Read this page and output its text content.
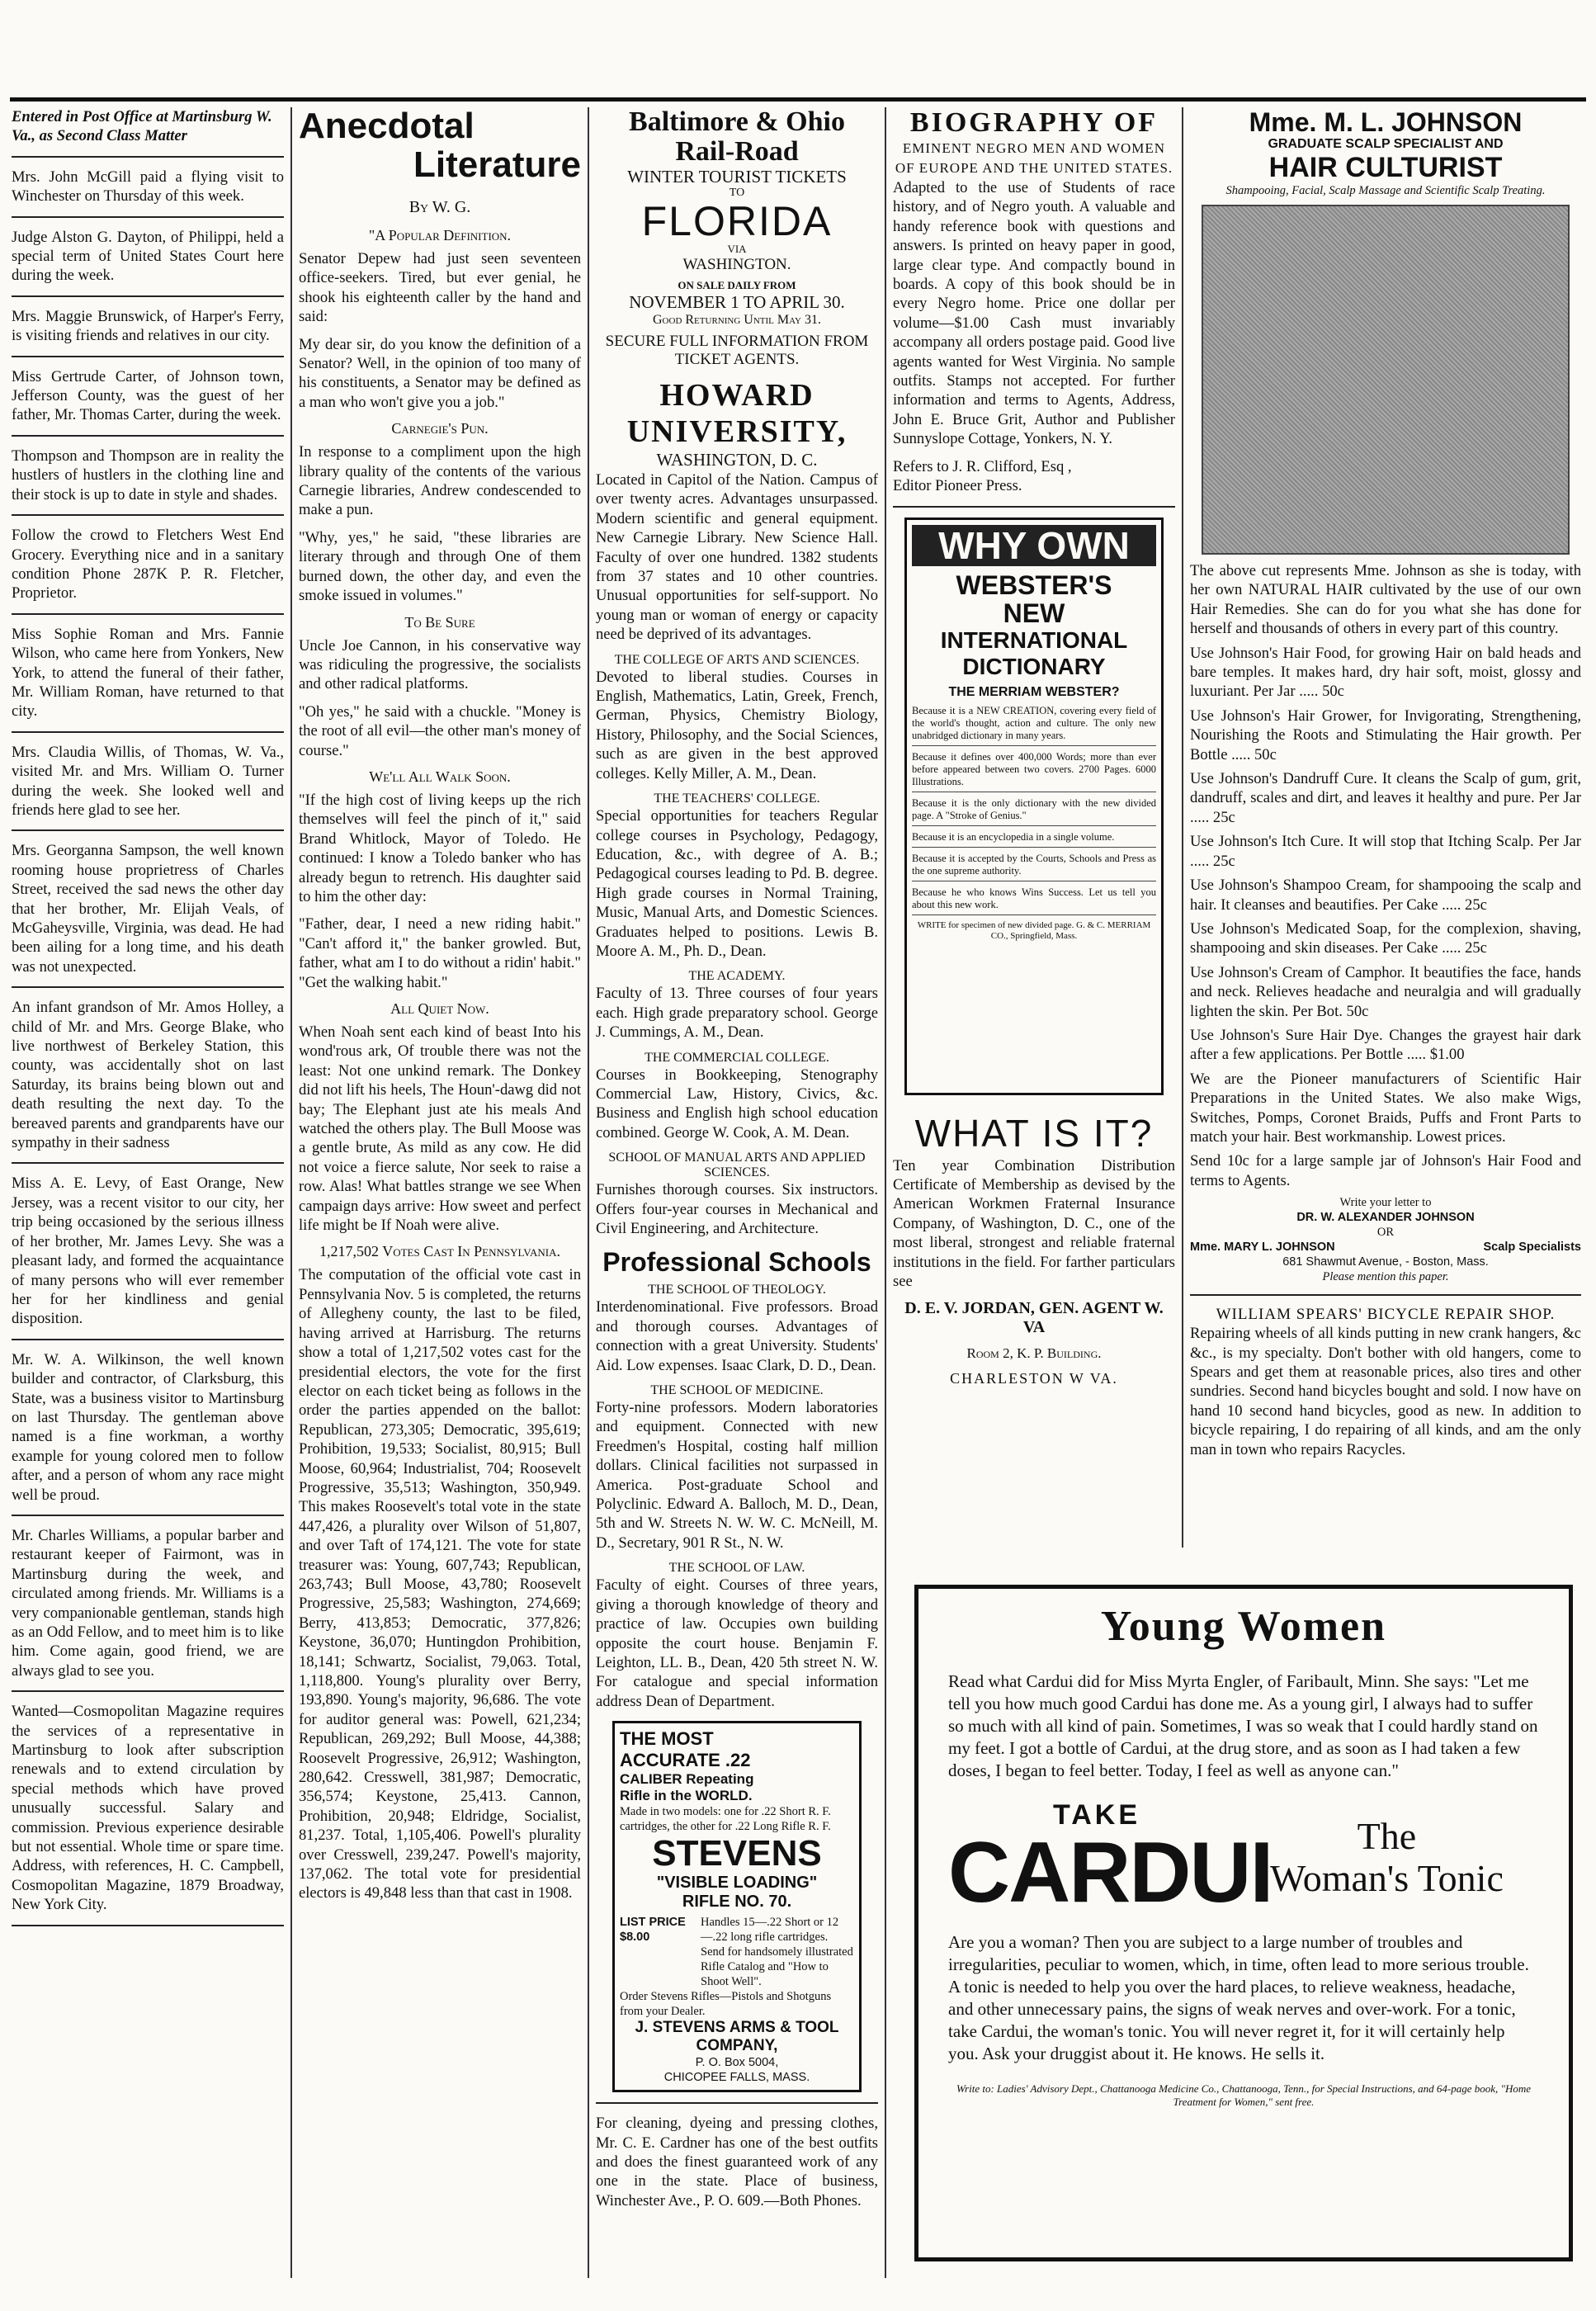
Entered in Post Office at Martinsburg W. Va., as Second Class Matter

Mrs. John McGill paid a flying visit to Winchester on Thursday of this week.

Judge Alston G. Dayton, of Philippi, held a special term of United States Court here during the week.

Mrs. Maggie Brunswick, of Harper's Ferry, is visiting friends and relatives in our city.

Miss Gertrude Carter, of Johnson town, Jefferson County, was the guest of her father, Mr. Thomas Carter, during the week.

Thompson and Thompson are in reality the hustlers of hustlers in the clothing line and their stock is up to date in style and shades.

Follow the crowd to Fletchers West End Grocery. Everything nice and in a sanitary condition Phone 287K P. R. Fletcher, Proprietor.

Miss Sophie Roman and Mrs. Fannie Wilson, who came here from Yonkers, New York, to attend the funeral of their father, Mr. William Roman, have returned to that city.

Mrs. Claudia Willis, of Thomas, W. Va., visited Mr. and Mrs. William O. Turner during the week. She looked well and friends here glad to see her.

Mrs. Georganna Sampson, the well known rooming house proprietress of Charles Street, received the sad news the other day that her brother, Mr. Elijah Veals, of McGaheysville, Virginia, was dead. He had been ailing for a long time, and his death was not unexpected.

An infant grandson of Mr. Amos Holley, a child of Mr. and Mrs. George Blake, who live northwest of Berkeley Station, this county, was accidentally shot on last Saturday, its brains being blown out and death resulting the next day. To the bereaved parents and grandparents have our sympathy in their sadness

Miss A. E. Levy, of East Orange, New Jersey, was a recent visitor to our city, her trip being occasioned by the serious illness of her brother, Mr. James Levy. She was a pleasant lady, and formed the acquaintance of many persons who will ever remember her for her kindliness and genial disposition.

Mr. W. A. Wilkinson, the well known builder and contractor, of Clarksburg, this State, was a business visitor to Martinsburg on last Thursday. The gentleman above named is a fine workman, a worthy example for young colored men to follow after, and a person of whom any race might well be proud.

Mr. Charles Williams, a popular barber and restaurant keeper of Fairmont, was in Martinsburg during the week, and circulated among friends. Mr. Williams is a very companionable gentleman, stands high as an Odd Fellow, and to meet him is to like him. Come again, good friend, we are always glad to see you.

Wanted—Cosmopolitan Magazine requires the services of a representative in Martinsburg to look after subscription renewals and to extend circulation by special methods which have proved unusually successful. Salary and commission. Previous experience desirable but not essential. Whole time or spare time. Address, with references, H. C. Campbell, Cosmopolitan Magazine, 1879 Broadway, New York City.

Anecdotal
Literature
By W. G.
"A Popular Definition.

Senator Depew had just seen seventeen office-seekers. Tired, but ever genial, he shook his eighteenth caller by the hand and said:

My dear sir, do you know the definition of a Senator? Well, in the opinion of too many of his constituents, a Senator may be defined as a man who won't give you a job."

Carnegie's Pun.

In response to a compliment upon the high library quality of the contents of the various Carnegie libraries, Andrew condescended to make a pun.

"Why, yes," he said, "these libraries are literary through and through One of them burned down, the other day, and even the smoke issued in volumes."

To Be Sure

Uncle Joe Cannon, in his conservative way was ridiculing the progressive, the socialists and other radical platforms.

"Oh yes," he said with a chuckle. "Money is the root of all evil—the other man's money of course."

We'll All Walk Soon.

"If the high cost of living keeps up the rich themselves will feel the pinch of it," said Brand Whitlock, Mayor of Toledo. He continued: I know a Toledo banker who has already begun to retrench. His daughter said to him the other day:

"Father, dear, I need a new riding habit." "Can't afford it," the banker growled. But, father, what am I to do without a ridin' habit." "Get the walking habit."

All Quiet Now.

When Noah sent each kind of beast Into his wond'rous ark, Of trouble there was not the least: Not one unkind remark. The Donkey did not lift his heels, The Houn'-dawg did not bay; The Elephant just ate his meals And watched the others play. The Bull Moose was a gentle brute, As mild as any cow. He did not voice a fierce salute, Nor seek to raise a row. Alas! What battles strange we see When campaign days arrive: How sweet and perfect life might be If Noah were alive.

1,217,502 Votes Cast In Pennsylvania.

The computation of the official vote cast in Pennsylvania Nov. 5 is completed, the returns of Allegheny county, the last to be filed, having arrived at Harrisburg. The returns show a total of 1,217,502 votes cast for the presidential electors, the vote for the first elector on each ticket being as follows in the order the parties appended on the ballot: Republican, 273,305; Democratic, 395,619; Prohibition, 19,533; Socialist, 80,915; Bull Moose, 60,964; Industrialist, 704; Roosevelt Progressive, 35,513; Washington, 350,949. This makes Roosevelt's total vote in the state 447,426, a plurality over Wilson of 51,807, and over Taft of 174,121. The vote for state treasurer was: Young, 607,743; Republican, 263,743; Bull Moose, 43,780; Roosevelt Progressive, 25,583; Washington, 274,669; Berry, 413,853; Democratic, 377,826; Keystone, 36,070; Huntingdon Prohibition, 18,141; Schwartz, Socialist, 79,063. Total, 1,118,800. Young's plurality over Berry, 193,890. Young's majority, 96,686. The vote for auditor general was: Powell, 621,234; Republican, 269,292; Bull Moose, 44,388; Roosevelt Progressive, 26,912; Washington, 280,642. Cresswell, 381,987; Democratic, 356,574; Keystone, 25,413. Cannon, Prohibition, 20,948; Eldridge, Socialist, 81,237. Total, 1,105,406. Powell's plurality over Cresswell, 239,247. Powell's majority, 137,062. The total vote for presidential electors is 49,848 less than that cast in 1908.

Baltimore & Ohio Rail-Road
WINTER TOURIST TICKETS
TO
FLORIDA
VIA
WASHINGTON.
ON SALE DAILY FROM
NOVEMBER 1 TO APRIL 30.
Good Returning Until May 31.
SECURE FULL INFORMATION FROM TICKET AGENTS.
HOWARD UNIVERSITY,
WASHINGTON, D. C.

Located in Capitol of the Nation. Campus of over twenty acres. Advantages unsurpassed. Modern scientific and general equipment. New Carnegie Library. New Science Hall. Faculty of over one hundred. 1382 students from 37 states and 10 other countries. Unusual opportunities for self-support. No young man or woman of energy or capacity need be deprived of its advantages.

THE COLLEGE OF ARTS AND SCIENCES.

Devoted to liberal studies. Courses in English, Mathematics, Latin, Greek, French, German, Physics, Chemistry Biology, History, Philosophy, and the Social Sciences, such as are given in the best approved colleges. Kelly Miller, A. M., Dean.

THE TEACHERS' COLLEGE.

Special opportunities for teachers Regular college courses in Psychology, Pedagogy, Education, &c., with degree of A. B.; Pedagogical courses leading to Pd. B. degree. High grade courses in Normal Training, Music, Manual Arts, and Domestic Sciences. Graduates helped to positions. Lewis B. Moore A. M., Ph. D., Dean.

THE ACADEMY.

Faculty of 13. Three courses of four years each. High grade preparatory school. George J. Cummings, A. M., Dean.

THE COMMERCIAL COLLEGE.

Courses in Bookkeeping, Stenography Commercial Law, History, Civics, &c. Business and English high school education combined. George W. Cook, A. M. Dean.

SCHOOL OF MANUAL ARTS AND APPLIED SCIENCES.

Furnishes thorough courses. Six instructors. Offers four-year courses in Mechanical and Civil Engineering, and Architecture.

Professional Schools
THE SCHOOL OF THEOLOGY.

Interdenominational. Five professors. Broad and thorough courses. Advantages of connection with a great University. Students' Aid. Low expenses. Isaac Clark, D. D., Dean.

THE SCHOOL OF MEDICINE.

Forty-nine professors. Modern laboratories and equipment. Connected with new Freedmen's Hospital, costing half million dollars. Clinical facilities not surpassed in America. Post-graduate School and Polyclinic. Edward A. Balloch, M. D., Dean, 5th and W. Streets N. W. W. C. McNeill, M. D., Secretary, 901 R St., N. W.

THE SCHOOL OF LAW.

Faculty of eight. Courses of three years, giving a thorough knowledge of theory and practice of law. Occupies own building opposite the court house. Benjamin F. Leighton, LL. B., Dean, 420 5th street N. W. For catalogue and special information address Dean of Department.

THE MOST
ACCURATE .22
CALIBER Repeating
Rifle in the WORLD.
Made in two models: one for .22 Short R. F. cartridges, the other for .22 Long Rifle R. F.
STEVENS
"VISIBLE LOADING"
RIFLE NO. 70.
LIST PRICE $8.00
Handles 15—.22 Short or 12—.22 long rifle cartridges. Send for handsomely illustrated Rifle Catalog and "How to Shoot Well".
Order Stevens Rifles—Pistols and Shotguns from your Dealer.
J. STEVENS ARMS & TOOL COMPANY,
P. O. Box 5004,
CHICOPEE FALLS, MASS.

For cleaning, dyeing and pressing clothes, Mr. C. E. Cardner has one of the best outfits and does the finest guaranteed work of any one in the state. Place of business, Winchester Ave., P. O. 609.—Both Phones.

BIOGRAPHY OF
EMINENT NEGRO MEN AND WOMEN OF EUROPE AND THE UNITED STATES.

Adapted to the use of Students of race history, and of Negro youth. A valuable and handy reference book with questions and answers. Is printed on heavy paper in good, large clear type. And compactly bound in boards. A copy of this book should be in every Negro home. Price one dollar per volume—$1.00 Cash must invariably accompany all orders postage paid. Good live agents wanted for West Virginia. No sample outfits. Stamps not accepted. For further information and terms to Agents, Address, John E. Bruce Grit, Author and Publisher Sunnyslope Cottage, Yonkers, N. Y.

Refers to J. R. Clifford, Esq ,

Editor Pioneer Press.

WHY OWN
WEBSTER'S
NEW
INTERNATIONAL
DICTIONARY
THE MERRIAM WEBSTER?

Because it is a NEW CREATION, covering every field of the world's thought, action and culture. The only new unabridged dictionary in many years.

Because it defines over 400,000 Words; more than ever before appeared between two covers. 2700 Pages. 6000 Illustrations.

Because it is the only dictionary with the new divided page. A "Stroke of Genius."

Because it is an encyclopedia in a single volume.

Because it is accepted by the Courts, Schools and Press as the one supreme authority.

Because he who knows Wins Success. Let us tell you about this new work.

WRITE for specimen of new divided page. G. & C. MERRIAM CO., Springfield, Mass.
WHAT IS IT?

Ten year Combination Distribution Certificate of Membership as devised by the American Workmen Fraternal Insurance Company, of Washington, D. C., one of the most liberal, strongest and reliable fraternal institutions in the field. For farther particulars see

D. E. V. JORDAN, GEN. AGENT W. VA
Room 2, K. P. Building.
CHARLESTON W VA.
Mme. M. L. JOHNSON
GRADUATE SCALP SPECIALIST AND
HAIR CULTURIST
Shampooing, Facial, Scalp Massage and Scientific Scalp Treating.

The above cut represents Mme. Johnson as she is today, with her own NATURAL HAIR cultivated by the use of our own Hair Remedies. She can do for you what she has done for herself and thousands of others in every part of this country.

Use Johnson's Hair Food, for growing Hair on bald heads and bare temples. It makes hard, dry hair soft, moist, glossy and luxuriant. Per Jar ..... 50c

Use Johnson's Hair Grower, for Invigorating, Strengthening, Nourishing the Roots and Stimulating the Hair growth. Per Bottle ..... 50c

Use Johnson's Dandruff Cure. It cleans the Scalp of gum, grit, dandruff, scales and dirt, and leaves it healthy and pure. Per Jar ..... 25c

Use Johnson's Itch Cure. It will stop that Itching Scalp. Per Jar ..... 25c

Use Johnson's Shampoo Cream, for shampooing the scalp and hair. It cleanses and beautifies. Per Cake ..... 25c

Use Johnson's Medicated Soap, for the complexion, shaving, shampooing and skin diseases. Per Cake ..... 25c

Use Johnson's Cream of Camphor. It beautifies the face, hands and neck. Relieves headache and neuralgia and will gradually lighten the skin. Per Bot. 50c

Use Johnson's Sure Hair Dye. Changes the grayest hair dark after a few applications. Per Bottle ..... $1.00

We are the Pioneer manufacturers of Scientific Hair Preparations in the United States. We also make Wigs, Switches, Pomps, Coronet Braids, Puffs and Front Parts to match your hair. Best workmanship. Lowest prices.

Send 10c for a large sample jar of Johnson's Hair Food and terms to Agents.

Write your letter to
DR. W. ALEXANDER JOHNSON
OR
Mme. MARY L. JOHNSON	Scalp Specialists
681 Shawmut Avenue, - Boston, Mass.
Please mention this paper.
WILLIAM SPEARS' BICYCLE REPAIR SHOP.

Repairing wheels of all kinds putting in new crank hangers, &c &c., is my specialty. Don't bother with old hangers, come to Spears and get them at reasonable prices, also tires and other sundries. Second hand bicycles bought and sold. I now have on hand 10 second hand bicycles, good as new. In addition to bicycle repairing, I do repairing of all kinds, and am the only man in town who repairs Racycles.

Young Women

Read what Cardui did for Miss Myrta Engler, of Faribault, Minn. She says: "Let me tell you how much good Cardui has done me. As a young girl, I always had to suffer so much with all kind of pain. Sometimes, I was so weak that I could hardly stand on my feet. I got a bottle of Cardui, at the drug store, and as soon as I had taken a few doses, I began to feel better. Today, I feel as well as anyone can."

TAKE
CARDUI	The
Woman's Tonic

Are you a woman? Then you are subject to a large number of troubles and irregularities, peculiar to women, which, in time, often lead to more serious trouble. A tonic is needed to help you over the hard places, to relieve weakness, headache, and other unnecessary pains, the signs of weak nerves and over-work. For a tonic, take Cardui, the woman's tonic. You will never regret it, for it will certainly help you. Ask your druggist about it. He knows. He sells it.

Write to: Ladies' Advisory Dept., Chattanooga Medicine Co., Chattanooga, Tenn., for Special Instructions, and 64-page book, "Home Treatment for Women," sent free.
